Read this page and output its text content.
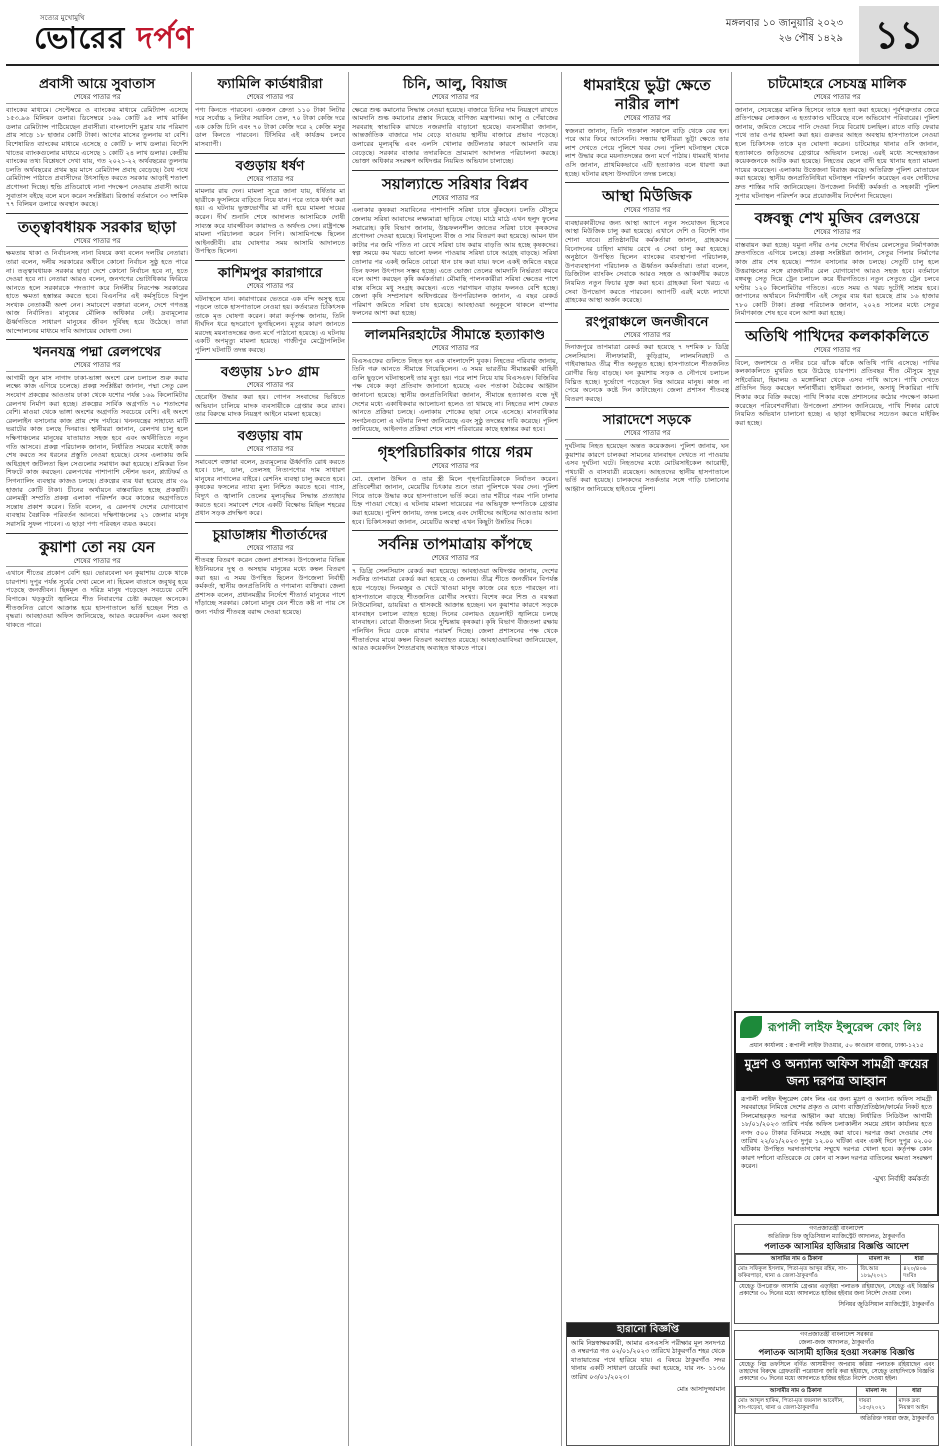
সত্যের মুখোমুখি
ভোরের দর্পণ	মঙ্গলবার ১০ জানুয়ারি ২০২৩
২৬ পৌষ ১৪২৯ ১১
প্রবাসী আয়ে সুবাতাস
শেষের পাতার পর
ব্যাংকের মাধ্যমে। সেপ্টেম্বরে ও ব্যাংকের মাধ্যমে রেমিট্যান্স এসেছে ১৫৩.৯৬ মিলিয়ন ডলার। ডিসেম্বরে ১৬৯ কোটি ৯৫ লাখ মার্কিন ডলার রেমিট্যান্স পাঠিয়েছেন প্রবাসীরা। বাংলাদেশি মুদ্রায় যার পরিমাণ প্রায় সাড়ে ১৮ হাজার কোটি টাকা। আগের মাসের তুলনায় যা বেশি। বিশেষায়িত ব্যাংকের মাধ্যমে এসেছে ৫ কোটি ৮ লাখ ডলার। বিদেশি খাতের ব্যাংকগুলোর মাধ্যমে এসেছে ১ কোটি ২৪ লাখ ডলার। কেন্দ্রীয় ব্যাংকের তথ্য বিশ্লেষণে দেখা যায়, গত ২০২১-২২ অর্থবছরের তুলনায় চলতি অর্থবছরের প্রথম ছয় মাসে রেমিট্যান্স প্রবাহ বেড়েছে। বৈধ পথে রেমিট্যান্স পাঠাতে প্রবাসীদের উৎসাহিত করতে সরকার আড়াই শতাংশ প্রণোদনা দিচ্ছে। হুন্ডি প্রতিরোধে নানা পদক্ষেপ নেওয়ায় প্রবাসী আয়ে সুবাতাস বইছে বলে মনে করেন সংশ্লিষ্টরা। রিজার্ভ বর্তমানে ৩৩ দশমিক ৭৭ বিলিয়ন ডলারে অবস্থান করছে।
তত্ত্বাবধায়ক সরকার ছাড়া
শেষের পাতার পর
ক্ষমতায় থাকা ও নির্বাচনসহ নানা বিষয়ে কথা বলেন দলটির নেতারা। তারা বলেন, দলীয় সরকারের অধীনে কোনো নির্বাচন সুষ্ঠু হতে পারে না। তত্ত্বাবধায়ক সরকার ছাড়া দেশে কোনো নির্বাচন হবে না, হতে দেওয়া হবে না। নেতারা আরও বলেন, জনগণের ভোটাধিকার ফিরিয়ে আনতে হলে সরকারকে পদত্যাগ করে নির্দলীয় নিরপেক্ষ সরকারের হাতে ক্ষমতা হস্তান্তর করতে হবে। বিএনপির এই কর্মসূচিতে বিপুল সংখ্যক নেতাকর্মী অংশ নেন। সমাবেশে বক্তারা বলেন, দেশে গণতন্ত্র আজ নির্বাসিত। মানুষের মৌলিক অধিকার নেই। দ্রব্যমূল্যের ঊর্ধ্বগতিতে সাধারণ মানুষের জীবন দুর্বিষহ হয়ে উঠেছে। তারা আন্দোলনের মাধ্যমে দাবি আদায়ের ঘোষণা দেন।
খননযন্ত্র পদ্মা রেলপথের
শেষের পাতার পর
আগামী জুন মাস নাগাদ ঢাকা-ভাঙ্গা অংশে রেল চলাচল শুরু করার লক্ষ্যে কাজ এগিয়ে চলেছে। প্রকল্প সংশ্লিষ্টরা জানান, পদ্মা সেতু রেল সংযোগ প্রকল্পের আওতায় ঢাকা থেকে যশোর পর্যন্ত ১৬৯ কিলোমিটার রেলপথ নির্মাণ করা হচ্ছে। প্রকল্পের সার্বিক অগ্রগতি ৭০ শতাংশের বেশি। মাওয়া থেকে ভাঙ্গা অংশের অগ্রগতি সবচেয়ে বেশি। এই অংশে রেললাইন বসানোর কাজ প্রায় শেষ পর্যায়ে। খননযন্ত্রের সাহায্যে মাটি ভরাটের কাজ চলছে দিনরাত। স্থানীয়রা জানান, রেলপথ চালু হলে দক্ষিণাঞ্চলের মানুষের যাতায়াত সহজ হবে এবং অর্থনীতিতে নতুন গতি আসবে। প্রকল্প পরিচালক জানান, নির্ধারিত সময়ের মধ্যেই কাজ শেষ করতে সব ধরনের প্রস্তুতি নেওয়া হয়েছে। যেসব এলাকায় জমি অধিগ্রহণ জটিলতা ছিল সেগুলোর সমাধান করা হয়েছে। শ্রমিকরা তিন শিফটে কাজ করছেন। রেলপথের পাশাপাশি স্টেশন ভবন, প্ল্যাটফর্ম ও সিগন্যালিং ব্যবস্থার কাজও চলছে। প্রকল্পের ব্যয় ধরা হয়েছে প্রায় ৩৯ হাজার কোটি টাকা। চীনের অর্থায়নে বাস্তবায়িত হচ্ছে প্রকল্পটি। রেলমন্ত্রী সম্প্রতি প্রকল্প এলাকা পরিদর্শন করে কাজের অগ্রগতিতে সন্তোষ প্রকাশ করেন। তিনি বলেন, এ রেলপথ দেশের যোগাযোগ ব্যবস্থায় বৈপ্লবিক পরিবর্তন আনবে। দক্ষিণাঞ্চলের ২১ জেলার মানুষ সরাসরি সুফল পাবেন। এ ছাড়া পণ্য পরিবহন ব্যয়ও কমবে।
কুয়াশা তো নয় যেন
শেষের পাতার পর
এখানে শীতের প্রকোপ বেশি হয়। ভোরবেলা ঘন কুয়াশায় ঢেকে থাকে চারপাশ। দুপুর পর্যন্ত সূর্যের দেখা মেলে না। হিমেল বাতাসে জবুথবু হয়ে পড়েছে জনজীবন। ছিন্নমূল ও দরিদ্র মানুষ পড়েছেন সবচেয়ে বেশি বিপাকে। খড়কুটো জ্বালিয়ে শীত নিবারণের চেষ্টা করছেন অনেকে। শীতজনিত রোগে আক্রান্ত হয়ে হাসপাতালে ভর্তি হচ্ছেন শিশু ও বৃদ্ধরা। আবহাওয়া অফিস জানিয়েছে, আরও কয়েকদিন এমন অবস্থা থাকতে পারে।
ফ্যামিলি কার্ডধারীরা
শেষের পাতার পর
পণ্য কিনতে পারবেন। একজন ক্রেতা ১১০ টাকা লিটার দরে সর্বোচ্চ ২ লিটার সয়াবিন তেল, ৭০ টাকা কেজি দরে এক কেজি চিনি এবং ৭০ টাকা কেজি দরে ২ কেজি মসুর ডাল কিনতে পারবেন। টিসিবির এই কার্যক্রম চলবে মাসব্যাপী।
বগুড়ায় ধর্ষণ
শেষের পাতার পর
মামলার রায় দেন। মামলা সূত্রে জানা যায়, ধর্ষিতার মা ছাত্রীকে ফুসলিয়ে বাড়িতে নিয়ে যান। পরে তাকে ধর্ষণ করা হয়। এ ঘটনায় ভুক্তভোগীর মা বাদী হয়ে মামলা দায়ের করেন। দীর্ঘ শুনানি শেষে আদালত আসামিকে দোষী সাব্যস্ত করে যাবজ্জীবন কারাদণ্ড ও অর্থদণ্ড দেন। রাষ্ট্রপক্ষে মামলা পরিচালনা করেন পিপি। আসামিপক্ষে ছিলেন আইনজীবী। রায় ঘোষণার সময় আসামি আদালতে উপস্থিত ছিলেন।
কাশিমপুর কারাগারে
শেষের পাতার পর
ঘটনাস্থলে যান। কারাগারের ভেতরে এক বন্দি অসুস্থ হয়ে পড়লে তাকে হাসপাতালে নেওয়া হয়। কর্তব্যরত চিকিৎসক তাকে মৃত ঘোষণা করেন। কারা কর্তৃপক্ষ জানায়, তিনি দীর্ঘদিন ধরে হৃদরোগে ভুগছিলেন। মৃত্যুর কারণ জানতে মরদেহ ময়নাতদন্তের জন্য মর্গে পাঠানো হয়েছে। এ ঘটনায় একটি অপমৃত্যু মামলা হয়েছে। গাজীপুর মেট্রোপলিটন পুলিশ ঘটনাটি তদন্ত করছে।
বগুড়ায় ১৮০ গ্রাম
শেষের পাতার পর
হেরোইন উদ্ধার করা হয়। গোপন সংবাদের ভিত্তিতে অভিযান চালিয়ে মাদক ব্যবসায়ীকে গ্রেপ্তার করে র‍্যাব। তার বিরুদ্ধে মাদক নিয়ন্ত্রণ আইনে মামলা হয়েছে।
বগুড়ায় বাম
শেষের পাতার পর
সমাবেশে বক্তারা বলেন, দ্রব্যমূল্যের ঊর্ধ্বগতি রোধ করতে হবে। চাল, ডাল, তেলসহ নিত্যপণ্যের দাম সাধারণ মানুষের নাগালের বাইরে। রেশনিং ব্যবস্থা চালু করতে হবে। কৃষকের ফসলের ন্যায্য মূল্য নিশ্চিত করতে হবে। গ্যাস, বিদ্যুৎ ও জ্বালানি তেলের মূল্যবৃদ্ধির সিদ্ধান্ত প্রত্যাহার করতে হবে। সমাবেশ শেষে একটি বিক্ষোভ মিছিল শহরের প্রধান সড়ক প্রদক্ষিণ করে।
চুয়াডাঙ্গায় শীতার্তদের
শেষের পাতার পর
শীতবস্ত্র বিতরণ করেন জেলা প্রশাসক। উপজেলার বিভিন্ন ইউনিয়নের দুস্থ ও অসহায় মানুষের মধ্যে কম্বল বিতরণ করা হয়। এ সময় উপস্থিত ছিলেন উপজেলা নির্বাহী কর্মকর্তা, স্থানীয় জনপ্রতিনিধি ও গণ্যমান্য ব্যক্তিরা। জেলা প্রশাসক বলেন, প্রধানমন্ত্রীর নির্দেশে শীতার্ত মানুষের পাশে দাঁড়াচ্ছে সরকার। কোনো মানুষ যেন শীতে কষ্ট না পায় সে জন্য পর্যাপ্ত শীতবস্ত্র বরাদ্দ দেওয়া হয়েছে।
চিনি, আলু, বিয়াজ
শেষের পাতার পর
ক্ষেত্রে শুল্ক কমানোর সিদ্ধান্ত নেওয়া হয়েছে। বাজারে চিনির দাম নিয়ন্ত্রণে রাখতে আমদানি শুল্ক কমানোর প্রস্তাব দিয়েছে বাণিজ্য মন্ত্রণালয়। আলু ও পেঁয়াজের সরবরাহ স্বাভাবিক রাখতে নজরদারি বাড়ানো হয়েছে। ব্যবসায়ীরা জানান, আন্তর্জাতিক বাজারে দাম বেড়ে যাওয়ায় স্থানীয় বাজারে প্রভাব পড়েছে। ডলারের মূল্যবৃদ্ধি এবং এলসি খোলার জটিলতার কারণে আমদানি ব্যয় বেড়েছে। সরকার বাজার তদারকিতে ভ্রাম্যমাণ আদালত পরিচালনা করছে। ভোক্তা অধিকার সংরক্ষণ অধিদপ্তর নিয়মিত অভিযান চালাচ্ছে।
সয়াল্যান্ডে সরিষার বিপ্লব
শেষের পাতার পর
এলাকার কৃষকরা সয়াবিনের পাশাপাশি সরিষা চাষে ঝুঁকছেন। চলতি মৌসুমে জেলায় সরিষা আবাদের লক্ষ্যমাত্রা ছাড়িয়ে গেছে। মাঠে মাঠে এখন হলুদ ফুলের সমারোহ। কৃষি বিভাগ জানায়, উচ্চফলনশীল জাতের সরিষা চাষে কৃষকদের প্রণোদনা দেওয়া হয়েছে। বিনামূল্যে বীজ ও সার বিতরণ করা হয়েছে। আমন ধান কাটার পর জমি পতিত না রেখে সরিষা চাষ করায় বাড়তি আয় হচ্ছে কৃষকদের। স্বল্প সময়ে কম খরচে ভালো ফলন পাওয়ায় সরিষা চাষে আগ্রহ বাড়ছে। সরিষা তোলার পর একই জমিতে বোরো ধান চাষ করা যায়। ফলে একই জমিতে বছরে তিন ফসল উৎপাদন সম্ভব হচ্ছে। এতে ভোজ্য তেলের আমদানি নির্ভরতা কমবে বলে আশা করছেন কৃষি কর্মকর্তারা। মৌমাছি পালনকারীরা সরিষা ক্ষেতের পাশে বাক্স বসিয়ে মধু সংগ্রহ করছেন। এতে পরাগায়ন বাড়ায় ফলনও বেশি হচ্ছে। জেলা কৃষি সম্প্রসারণ অধিদপ্তরের উপপরিচালক জানান, এ বছর রেকর্ড পরিমাণ জমিতে সরিষা চাষ হয়েছে। আবহাওয়া অনুকূলে থাকলে বাম্পার ফলনের আশা করা হচ্ছে।
লালমনিরহাটের সীমান্তে হত্যাকাণ্ড
শেষের পাতার পর
বিএসএফের গুলিতে নিহত হন এক বাংলাদেশি যুবক। নিহতের পরিবার জানায়, তিনি গরু আনতে সীমান্তে গিয়েছিলেন। এ সময় ভারতীয় সীমান্তরক্ষী বাহিনী গুলি ছুড়লে ঘটনাস্থলেই তার মৃত্যু হয়। পরে লাশ নিয়ে যায় বিএসএফ। বিজিবির পক্ষ থেকে কড়া প্রতিবাদ জানানো হয়েছে এবং পতাকা বৈঠকের আহ্বান জানানো হয়েছে। স্থানীয় জনপ্রতিনিধিরা জানান, সীমান্তে হত্যাকাণ্ড বন্ধে দুই দেশের মধ্যে একাধিকবার আলোচনা হলেও তা থামছে না। নিহতের লাশ ফেরত আনতে প্রক্রিয়া চলছে। এলাকায় শোকের ছায়া নেমে এসেছে। মানবাধিকার সংগঠনগুলো এ ঘটনার নিন্দা জানিয়েছে এবং সুষ্ঠু তদন্তের দাবি করেছে। পুলিশ জানিয়েছে, আইনগত প্রক্রিয়া শেষে লাশ পরিবারের কাছে হস্তান্তর করা হবে।
গৃহপরিচারিকার গায়ে গরম
শেষের পাতার পর
মো. হেলাল উদ্দিন ও তার স্ত্রী মিলে গৃহপরিচারিকাকে নির্যাতন করেন। প্রতিবেশীরা জানান, মেয়েটির চিৎকার শুনে তারা পুলিশকে খবর দেন। পুলিশ গিয়ে তাকে উদ্ধার করে হাসপাতালে ভর্তি করে। তার শরীরে গরম পানি ঢালার চিহ্ন পাওয়া গেছে। এ ঘটনায় মামলা দায়েরের পর অভিযুক্ত দম্পতিকে গ্রেপ্তার করা হয়েছে। পুলিশ জানায়, তদন্ত চলছে এবং দোষীদের আইনের আওতায় আনা হবে। চিকিৎসকরা জানান, মেয়েটির অবস্থা এখন কিছুটা উন্নতির দিকে।
সর্বনিম্ন তাপমাত্রায় কাঁপছে
শেষের পাতার পর
৭ ডিগ্রি সেলসিয়াস রেকর্ড করা হয়েছে। আবহাওয়া অধিদপ্তর জানায়, দেশের সর্বনিম্ন তাপমাত্রা রেকর্ড করা হয়েছে এ জেলায়। তীব্র শীতে জনজীবন বিপর্যস্ত হয়ে পড়েছে। দিনমজুর ও খেটে খাওয়া মানুষ কাজে বের হতে পারছেন না। হাসপাতালে বাড়ছে শীতজনিত রোগীর সংখ্যা। বিশেষ করে শিশু ও বয়স্করা নিউমোনিয়া, ডায়রিয়া ও শ্বাসকষ্টে আক্রান্ত হচ্ছেন। ঘন কুয়াশার কারণে সড়কে যানবাহন চলাচল ব্যাহত হচ্ছে। দিনের বেলায়ও হেডলাইট জ্বালিয়ে চলছে যানবাহন। বোরো বীজতলা নিয়ে দুশ্চিন্তায় কৃষকরা। কৃষি বিভাগ বীজতলা রক্ষায় পলিথিন দিয়ে ঢেকে রাখার পরামর্শ দিচ্ছে। জেলা প্রশাসনের পক্ষ থেকে শীতার্তদের মাঝে কম্বল বিতরণ অব্যাহত রয়েছে। আবহাওয়াবিদরা জানিয়েছেন, আরও কয়েকদিন শৈত্যপ্রবাহ অব্যাহত থাকতে পারে।
ধামরাইয়ে ভুট্টা ক্ষেতে নারীর লাশ
শেষের পাতার পর
স্বজনরা জানান, তিনি গতকাল সকালে বাড়ি থেকে বের হন। পরে আর ফিরে আসেননি। সন্ধ্যায় স্থানীয়রা ভুট্টা ক্ষেতে তার লাশ দেখতে পেয়ে পুলিশে খবর দেন। পুলিশ ঘটনাস্থল থেকে লাশ উদ্ধার করে ময়নাতদন্তের জন্য মর্গে পাঠায়। ধামরাই থানার ওসি জানান, প্রাথমিকভাবে এটি হত্যাকাণ্ড বলে ধারণা করা হচ্ছে। ঘটনার রহস্য উদঘাটনে তদন্ত চলছে।
আস্থা মিউজিক
শেষের পাতার পর
ব্যবহারকারীদের জন্য আস্থা অ্যাপে নতুন সংযোজন হিসেবে আস্থা মিউজিক চালু করা হয়েছে। এখানে দেশি ও বিদেশি গান শোনা যাবে। প্রতিষ্ঠানটির কর্মকর্তারা জানান, গ্রাহকদের বিনোদনের চাহিদা মাথায় রেখে এ সেবা চালু করা হয়েছে। অনুষ্ঠানে উপস্থিত ছিলেন ব্যাংকের ব্যবস্থাপনা পরিচালক, উপব্যবস্থাপনা পরিচালক ও ঊর্ধ্বতন কর্মকর্তারা। তারা বলেন, ডিজিটাল ব্যাংকিং সেবাকে আরও সহজ ও আকর্ষণীয় করতে নিয়মিত নতুন ফিচার যুক্ত করা হবে। গ্রাহকরা বিনা খরচে এ সেবা উপভোগ করতে পারবেন। অ্যাপটি এরই মধ্যে লাখো গ্রাহকের আস্থা অর্জন করেছে।
রংপুরাঞ্চলে জনজীবনে
শেষের পাতার পর
দিনাজপুরে তাপমাত্রা রেকর্ড করা হয়েছে ৭ দশমিক ৮ ডিগ্রি সেলসিয়াস। নীলফামারী, কুড়িগ্রাম, লালমনিরহাট ও গাইবান্ধায়ও তীব্র শীত অনুভূত হচ্ছে। হাসপাতালে শীতজনিত রোগীর ভিড় বাড়ছে। ঘন কুয়াশায় সড়ক ও নৌপথে চলাচল বিঘ্নিত হচ্ছে। দুর্ভোগে পড়েছেন নিম্ন আয়ের মানুষ। কাজ না পেয়ে অনেকে কষ্টে দিন কাটাচ্ছেন। জেলা প্রশাসন শীতবস্ত্র বিতরণ করছে।
সারাদেশে সড়কে
শেষের পাতার পর
দুর্ঘটনায় নিহত হয়েছেন অন্তত কয়েকজন। পুলিশ জানায়, ঘন কুয়াশার কারণে চালকরা সামনের যানবাহন দেখতে না পাওয়ায় এসব দুর্ঘটনা ঘটে। নিহতদের মধ্যে মোটরসাইকেল আরোহী, পথচারী ও বাসযাত্রী রয়েছেন। আহতদের স্থানীয় হাসপাতালে ভর্তি করা হয়েছে। চালকদের সতর্কতার সঙ্গে গাড়ি চালানোর আহ্বান জানিয়েছে হাইওয়ে পুলিশ।
চাটমোহরে সেচযন্ত্র মালিক
শেষের পাতার পর
জানান, সেচযন্ত্রের মালিক হিসেবে তাকে হত্যা করা হয়েছে। পূর্বশত্রুতার জেরে প্রতিপক্ষের লোকজন এ হত্যাকাণ্ড ঘটিয়েছে বলে অভিযোগ পরিবারের। পুলিশ জানায়, জমিতে সেচের পানি দেওয়া নিয়ে বিরোধ চলছিল। রাতে বাড়ি ফেরার পথে তার ওপর হামলা করা হয়। গুরুতর আহত অবস্থায় হাসপাতালে নেওয়া হলে চিকিৎসক তাকে মৃত ঘোষণা করেন। চাটমোহর থানার ওসি জানান, হত্যাকাণ্ডে জড়িতদের গ্রেপ্তারে অভিযান চলছে। এরই মধ্যে সন্দেহভাজন কয়েকজনকে আটক করা হয়েছে। নিহতের ছেলে বাদী হয়ে থানায় হত্যা মামলা দায়ের করেছেন। এলাকায় উত্তেজনা বিরাজ করছে। অতিরিক্ত পুলিশ মোতায়েন করা হয়েছে। স্থানীয় জনপ্রতিনিধিরা ঘটনাস্থল পরিদর্শন করেছেন এবং দোষীদের দ্রুত শাস্তির দাবি জানিয়েছেন। উপজেলা নির্বাহী কর্মকর্তা ও সহকারী পুলিশ সুপার ঘটনাস্থল পরিদর্শন করে প্রয়োজনীয় নির্দেশনা দিয়েছেন।
বঙ্গবন্ধু শেখ মুজিব রেলওয়ে
শেষের পাতার পর
বাস্তবায়ন করা হচ্ছে। যমুনা নদীর ওপর দেশের দীর্ঘতম রেলসেতুর নির্মাণকাজ দ্রুতগতিতে এগিয়ে চলছে। প্রকল্প সংশ্লিষ্টরা জানান, সেতুর পিলার নির্মাণের কাজ প্রায় শেষ হয়েছে। স্প্যান বসানোর কাজ চলছে। সেতুটি চালু হলে উত্তরাঞ্চলের সঙ্গে রাজধানীর রেল যোগাযোগ আরও সহজ হবে। বর্তমানে বঙ্গবন্ধু সেতু দিয়ে ট্রেন চলাচল করে ধীরগতিতে। নতুন সেতুতে ট্রেন চলবে ঘণ্টায় ১২০ কিলোমিটার গতিতে। এতে সময় ও খরচ দুটোই সাশ্রয় হবে। জাপানের অর্থায়নে নির্মাণাধীন এই সেতুর ব্যয় ধরা হয়েছে প্রায় ১৬ হাজার ৭৮০ কোটি টাকা। প্রকল্প পরিচালক জানান, ২০২৪ সালের মধ্যে সেতুর নির্মাণকাজ শেষ হবে বলে আশা করা হচ্ছে।
অতিথি পাখিদের কলকাকলিতে
শেষের পাতার পর
বিলে, জলাশয়ে ও নদীর চরে ঝাঁকে ঝাঁকে অতিথি পাখি এসেছে। পাখির কলকাকলিতে মুখরিত হয়ে উঠেছে চারপাশ। প্রতিবছর শীত মৌসুমে সুদূর সাইবেরিয়া, হিমালয় ও মঙ্গোলিয়া থেকে এসব পাখি আসে। পাখি দেখতে প্রতিদিন ভিড় করছেন দর্শনার্থীরা। স্থানীয়রা জানান, অসাধু শিকারিরা পাখি শিকার করে বিক্রি করছে। পাখি শিকার বন্ধে প্রশাসনের কঠোর পদক্ষেপ কামনা করেছেন পরিবেশবাদীরা। উপজেলা প্রশাসন জানিয়েছে, পাখি শিকার রোধে নিয়মিত অভিযান চালানো হচ্ছে। এ ছাড়া স্থানীয়দের সচেতন করতে মাইকিং করা হচ্ছে।
রূপালী লাইফ ইন্সুরেন্স কোং লিঃ
প্রধান কার্যালয় : রূপালী লাইফ টাওয়ার, ৫০ কাওরান বাজার, ঢাকা-১২১৫
মুদ্রণ ও অন্যান্য অফিস সামগ্রী ক্রয়ের জন্য দরপত্র আহ্বান
রূপালী লাইফ ইন্সুরেন্স কোং লিঃ এর জন্য মুদ্রণ ও অন্যান্য অফিস সামগ্রী সরবরাহের নিমিত্তে দেশের প্রকৃত ও যোগ্য ব্যক্তি/প্রতিষ্ঠান/ফার্মের নিকট হতে সিলমোহরকৃত দরপত্র আহ্বান করা যাচ্ছে। নির্ধারিত সিডিউল আগামী ১৮/০১/২০২৩ তারিখ পর্যন্ত অফিস চলাকালীন সময়ে প্রধান কার্যালয় হতে নগদ ৫০০ টাকার বিনিময়ে সংগ্রহ করা যাবে। দরপত্র জমা দেওয়ার শেষ তারিখ ২২/০১/২০২৩ দুপুর ১২.০০ ঘটিকা এবং একই দিনে দুপুর ০২.০০ ঘটিকায় উপস্থিত দরদাতাগণের সম্মুখে দরপত্র খোলা হবে। কর্তৃপক্ষ কোন কারণ দর্শানো ব্যতিরেকে যে কোন বা সকল দরপত্র বাতিলের ক্ষমতা সংরক্ষণ করেন।
-মুখ্য নির্বাহী কর্মকর্তা
গণপ্রজাতন্ত্রী বাংলাদেশ
অতিরিক্ত চিফ জুডিসিয়াল ম্যাজিস্ট্রেট আদালত, ঠাকুরগাঁও
পলাতক আসামির হাজিরার বিজ্ঞপ্তি আদেশ
আসামির নাম ও ঠিকানা	মামলা নং	ধারা
মোঃ সফিকুল ইসলাম, পিতা-মৃত আব্দুর রহিম, সাং-ফকিরপাড়া, থানা ও জেলা-ঠাকুরগাঁও	জি.আর ১৮৯/২০২১	৪২০/৪০৬ দঃবিঃ
যেহেতু উপরোক্ত আসামি গ্রেপ্তার এড়াইয়া পলাতক রহিয়াছেন, সেহেতু এই বিজ্ঞপ্তি প্রকাশের ৩০ দিনের মধ্যে আদালতে হাজির হইবার জন্য নির্দেশ দেওয়া গেল।
সিনিয়র জুডিসিয়াল ম্যাজিস্ট্রেট, ঠাকুরগাঁও
গণপ্রজাতন্ত্রী বাংলাদেশ সরকার
জেলা-জজ আদালত, ঠাকুরগাঁও
পলাতক আসামী হাজির হওয়া সংক্রান্ত বিজ্ঞপ্তি
যেহেতু নিম্ন তফসিলে বর্ণিত আসামীগণ অপরাধ করিয়া পলাতক রহিয়াছেন এবং তাহাদের বিরুদ্ধে গ্রেফতারী পরোয়ানা জারি করা হইয়াছে, সেহেতু তাহাদিগকে বিজ্ঞপ্তি প্রকাশের ৩০ দিনের মধ্যে আদালতে হাজির হইতে নির্দেশ দেওয়া হইল।
আসামীর নাম ও ঠিকানা	মামলা নং	ধারা
মোঃ আব্দুল হাকিম, পিতা-মৃত জয়নাল আবেদীন, সাং-গড়েয়া, থানা ও জেলা-ঠাকুরগাঁও	দায়রা ১৫৩/২০২১	মাদক দ্রব্য নিয়ন্ত্রণ আইন
অতিরিক্ত দায়রা জজ, ঠাকুরগাঁও
হারানো বিজ্ঞপ্তি
আমি নিম্নস্বাক্ষরকারী, আমার এসএসসি পরীক্ষার মূল সনদপত্র ও নম্বরপত্র গত ০২/০১/২০২৩ তারিখে ঠাকুরগাঁও শহর থেকে যাতায়াতের পথে হারিয়ে যায়। এ বিষয়ে ঠাকুরগাঁও সদর থানায় একটি সাধারণ ডায়েরি করা হয়েছে, যার নং- ১১৩৬ তারিখ ০৩/০১/২০২৩।
মোঃ আসাদুজ্জামান
